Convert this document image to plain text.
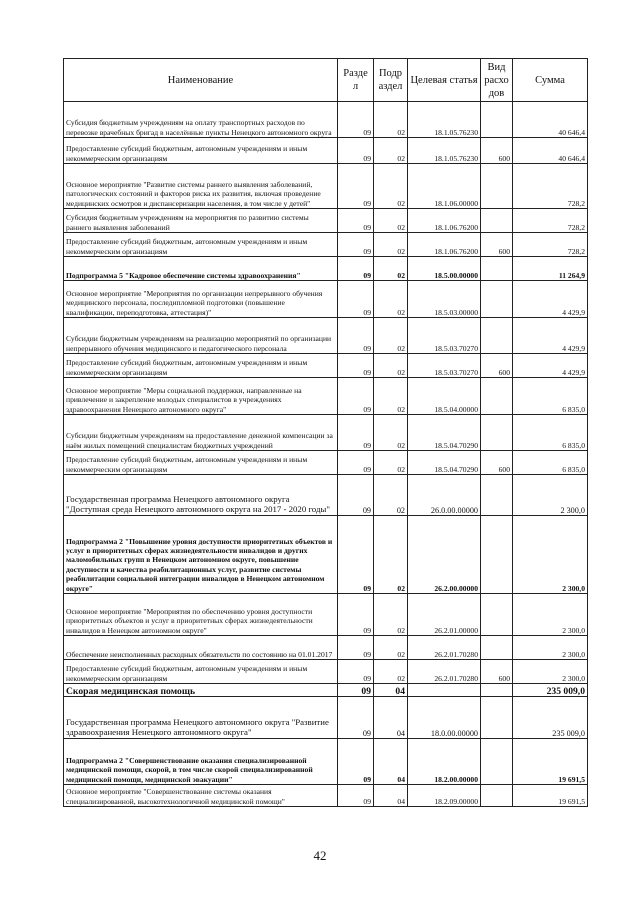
Наименование	Разде л	Подр аздел	Целевая статья	Вид расхо дов	Сумма
Субсидия бюджетным учреждениям на оплату транспортных расходов по перевозке врачебных бригад в населённые пункты Ненецкого автономного округа	09	02	18.1.05.76230		40 646,4
Предоставление субсидий бюджетным, автономным учреждениям и иным некоммерческим организациям	09	02	18.1.05.76230	600	40 646,4
Основное мероприятие "Развитие системы раннего выявления заболеваний, патологических состояний и факторов риска их развития, включая проведение медицинских осмотров и диспансеризации населения, в том числе у детей"	09	02	18.1.06.00000		728,2
Субсидия бюджетным учреждениям на мероприятия по развитию системы раннего выявления заболеваний	09	02	18.1.06.76200		728,2
Предоставление субсидий бюджетным, автономным учреждениям и иным некоммерческим организациям	09	02	18.1.06.76200	600	728,2
Подпрограмма 5 "Кадровое обеспечение системы здравоохранения"	09	02	18.5.00.00000		11 264,9
Основное мероприятие "Мероприятия по организации непрерывного обучения медицинского персонала, последипломной подготовки (повышение квалификации, переподготовка, аттестация)"	09	02	18.5.03.00000		4 429,9
Субсидии бюджетным учреждениям на реализацию мероприятий по организации непрерывного обучения медицинского и педагогического персонала	09	02	18.5.03.70270		4 429,9
Предоставление субсидий бюджетным, автономным учреждениям и иным некоммерческим организациям	09	02	18.5.03.70270	600	4 429,9
Основное мероприятие "Меры социальной поддержки, направленные на привлечение и закрепление молодых специалистов в учреждениях здравоохранения Ненецкого автономного округа"	09	02	18.5.04.00000		6 835,0
Субсидии бюджетным учреждениям на предоставление денежной компенсации за наём жилых помещений специалистам бюджетных учреждений	09	02	18.5.04.70290		6 835,0
Предоставление субсидий бюджетным, автономным учреждениям и иным некоммерческим организациям	09	02	18.5.04.70290	600	6 835,0
Государственная программа Ненецкого автономного округа "Доступная среда Ненецкого автономного округа на 2017 - 2020 годы"	09	02	26.0.00.00000		2 300,0
Подпрограмма 2 "Повышение уровня доступности приоритетных объектов и услуг в приоритетных сферах жизнедеятельности инвалидов и других маломобильных групп в Ненецком автономном округе, повышение доступности и качества реабилитационных услуг, развитие системы реабилитации социальной интеграции инвалидов в Ненецком автономном округе"	09	02	26.2.00.00000		2 300,0
Основное мероприятие "Мероприятия по обеспечению уровня доступности приоритетных объектов и услуг в приоритетных сферах жизнедеятельности инвалидов в Ненецком автономном округе"	09	02	26.2.01.00000		2 300,0
Обеспечение неисполненных расходных обязательств по состоянию на 01.01.2017	09	02	26.2.01.70280		2 300,0
Предоставление субсидий бюджетным, автономным учреждениям и иным некоммерческим организациям	09	02	26.2.01.70280	600	2 300,0
Скорая медицинская помощь	09	04			235 009,0
Государственная программа Ненецкого автономного округа "Развитие здравоохранения Ненецкого автономного округа"	09	04	18.0.00.00000		235 009,0
Подпрограмма 2 "Совершенствование оказания специализированной медицинской помощи, скорой, в том числе скорой специализированной медицинской помощи, медицинской эвакуации"	09	04	18.2.00.00000		19 691,5
Основное мероприятие "Совершенствование системы оказания специализированной, высокотехнологичной медицинской помощи"	09	04	18.2.09.00000		19 691,5
42
